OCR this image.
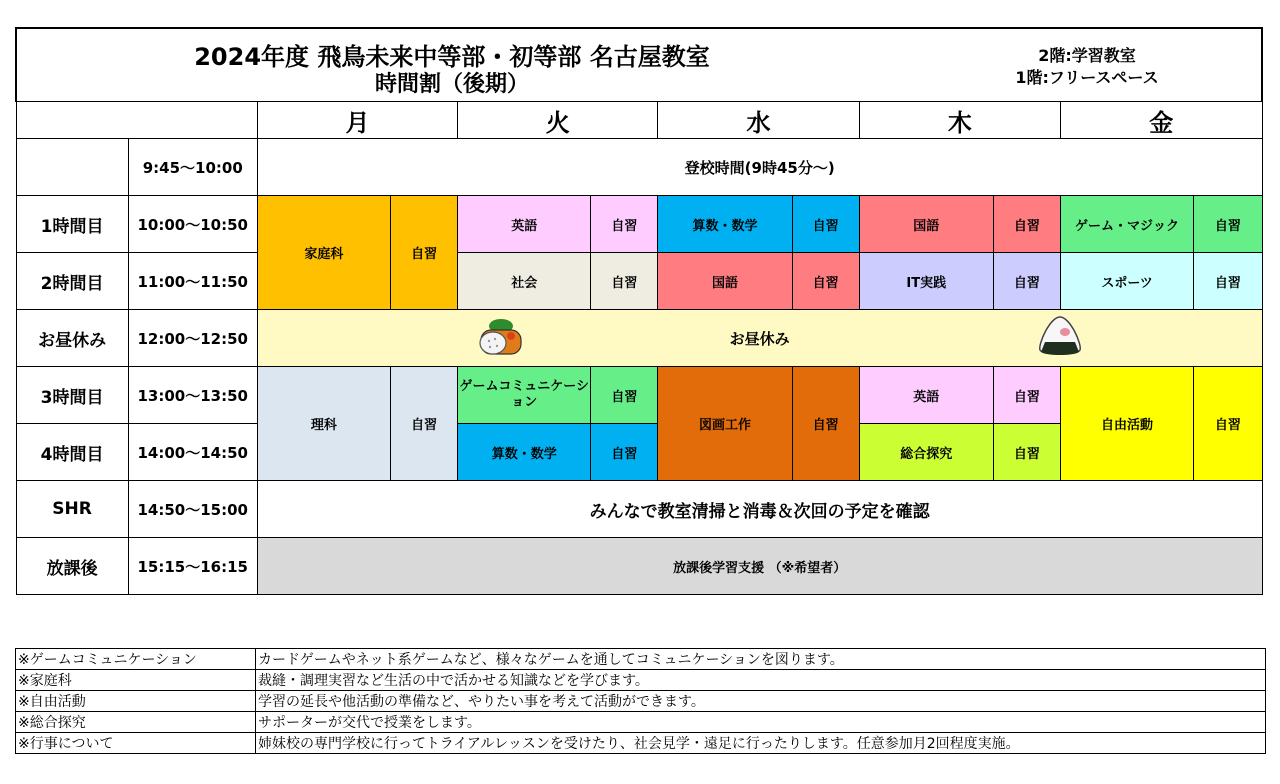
2024年度 飛鳥未来中等部・初等部 名古屋教室
時間割（後期）
2階:学習教室
1階:フリースペース											

		月		火		水		木		金	
	9:45〜10:00	登校時間(9時45分〜)									
1時間目	10:00〜10:50	家庭科	自習	英語	自習	算数・数学	自習	国語	自習	ゲーム・マジック	自習
2時間目	11:00〜11:50			社会	自習	国語	自習	IT実践	自習	スポーツ	自習
お昼休み	12:00〜12:50	お昼休み									

3時間目	13:00〜13:50	理科	自習	ゲームコミュニケーション	自習	図画工作	自習	英語	自習	自由活動	自習
4時間目	14:00〜14:50			算数・数学	自習			総合探究	自習		
SHR	14:50〜15:00	みんなで教室清掃と消毒＆次回の予定を確認									
放課後	15:15〜16:15	放課後学習支援 （※希望者）									
※ゲームコミュニケーション	カードゲームやネット系ゲームなど、様々なゲームを通してコミュニケーションを図ります。
※家庭科	裁縫・調理実習など生活の中で活かせる知識などを学びます。
※自由活動	学習の延長や他活動の準備など、やりたい事を考えて活動ができます。
※総合探究	サポーターが交代で授業をします。
※行事について	姉妹校の専門学校に行ってトライアルレッスンを受けたり、社会見学・遠足に行ったりします。任意参加月2回程度実施。
